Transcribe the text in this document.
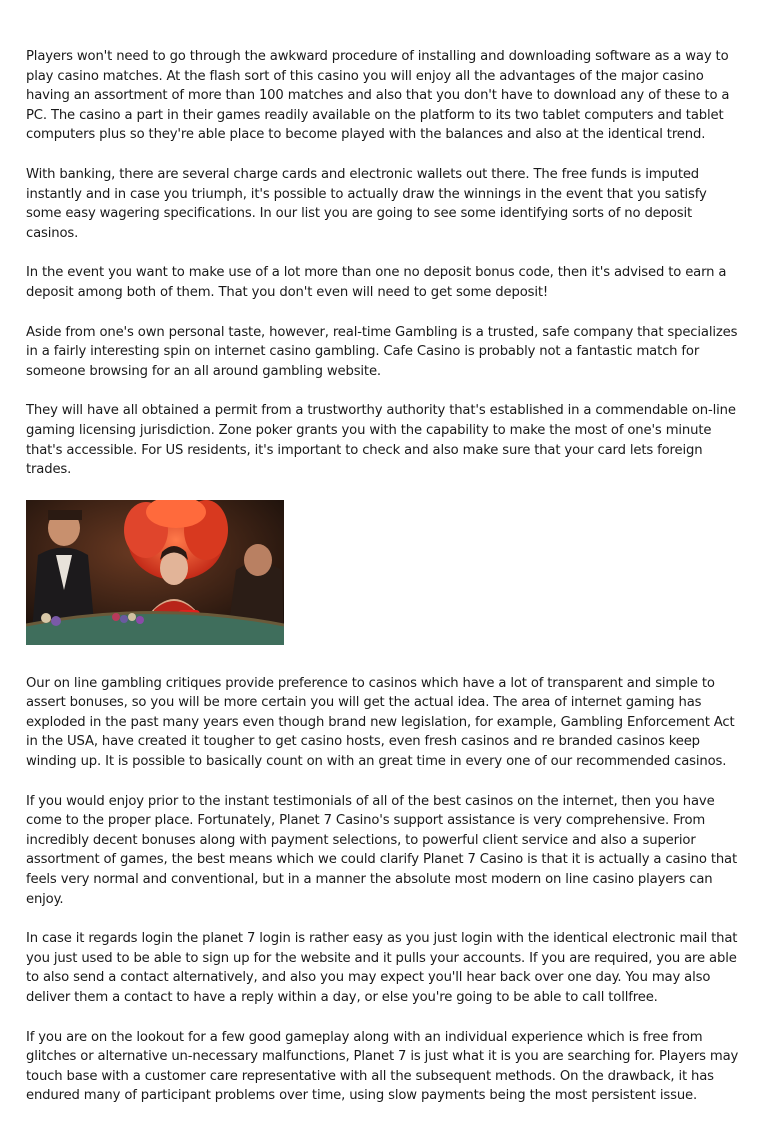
Players won't need to go through the awkward procedure of installing and downloading software as a way to play casino matches. At the flash sort of this casino you will enjoy all the advantages of the major casino having an assortment of more than 100 matches and also that you don't have to download any of these to a PC. The casino a part in their games readily available on the platform to its two tablet computers and tablet computers plus so they're able place to become played with the balances and also at the identical trend.

With banking, there are several charge cards and electronic wallets out there. The free funds is imputed instantly and in case you triumph, it's possible to actually draw the winnings in the event that you satisfy some easy wagering specifications. In our list you are going to see some identifying sorts of no deposit casinos.

In the event you want to make use of a lot more than one no deposit bonus code, then it's advised to earn a deposit among both of them. That you don't even will need to get some deposit!

Aside from one's own personal taste, however, real-time Gambling is a trusted, safe company that specializes in a fairly interesting spin on internet casino gambling. Cafe Casino is probably not a fantastic match for someone browsing for an all around gambling website.

They will have all obtained a permit from a trustworthy authority that's established in a commendable on-line gaming licensing jurisdiction. Zone poker grants you with the capability to make the most of one's minute that's accessible. For US residents, it's important to check and also make sure that your card lets foreign trades.

Our on line gambling critiques provide preference to casinos which have a lot of transparent and simple to assert bonuses, so you will be more certain you will get the actual idea. The area of internet gaming has exploded in the past many years even though brand new legislation, for example, Gambling Enforcement Act in the USA, have created it tougher to get casino hosts, even fresh casinos and re branded casinos keep winding up. It is possible to basically count on with an great time in every one of our recommended casinos.

If you would enjoy prior to the instant testimonials of all of the best casinos on the internet, then you have come to the proper place. Fortunately, Planet 7 Casino's support assistance is very comprehensive. From incredibly decent bonuses along with payment selections, to powerful client service and also a superior assortment of games, the best means which we could clarify Planet 7 Casino is that it is actually a casino that feels very normal and conventional, but in a manner the absolute most modern on line casino players can enjoy.

In case it regards login the planet 7 login is rather easy as you just login with the identical electronic mail that you just used to be able to sign up for the website and it pulls your accounts. If you are required, you are able to also send a contact alternatively, and also you may expect you'll hear back over one day. You may also deliver them a contact to have a reply within a day, or else you're going to be able to call tollfree.

If you are on the lookout for a few good gameplay along with an individual experience which is free from glitches or alternative un-necessary malfunctions, Planet 7 is just what it is you are searching for. Players may touch base with a customer care representative with all the subsequent methods. On the drawback, it has endured many of participant problems over time, using slow payments being the most persistent issue.
